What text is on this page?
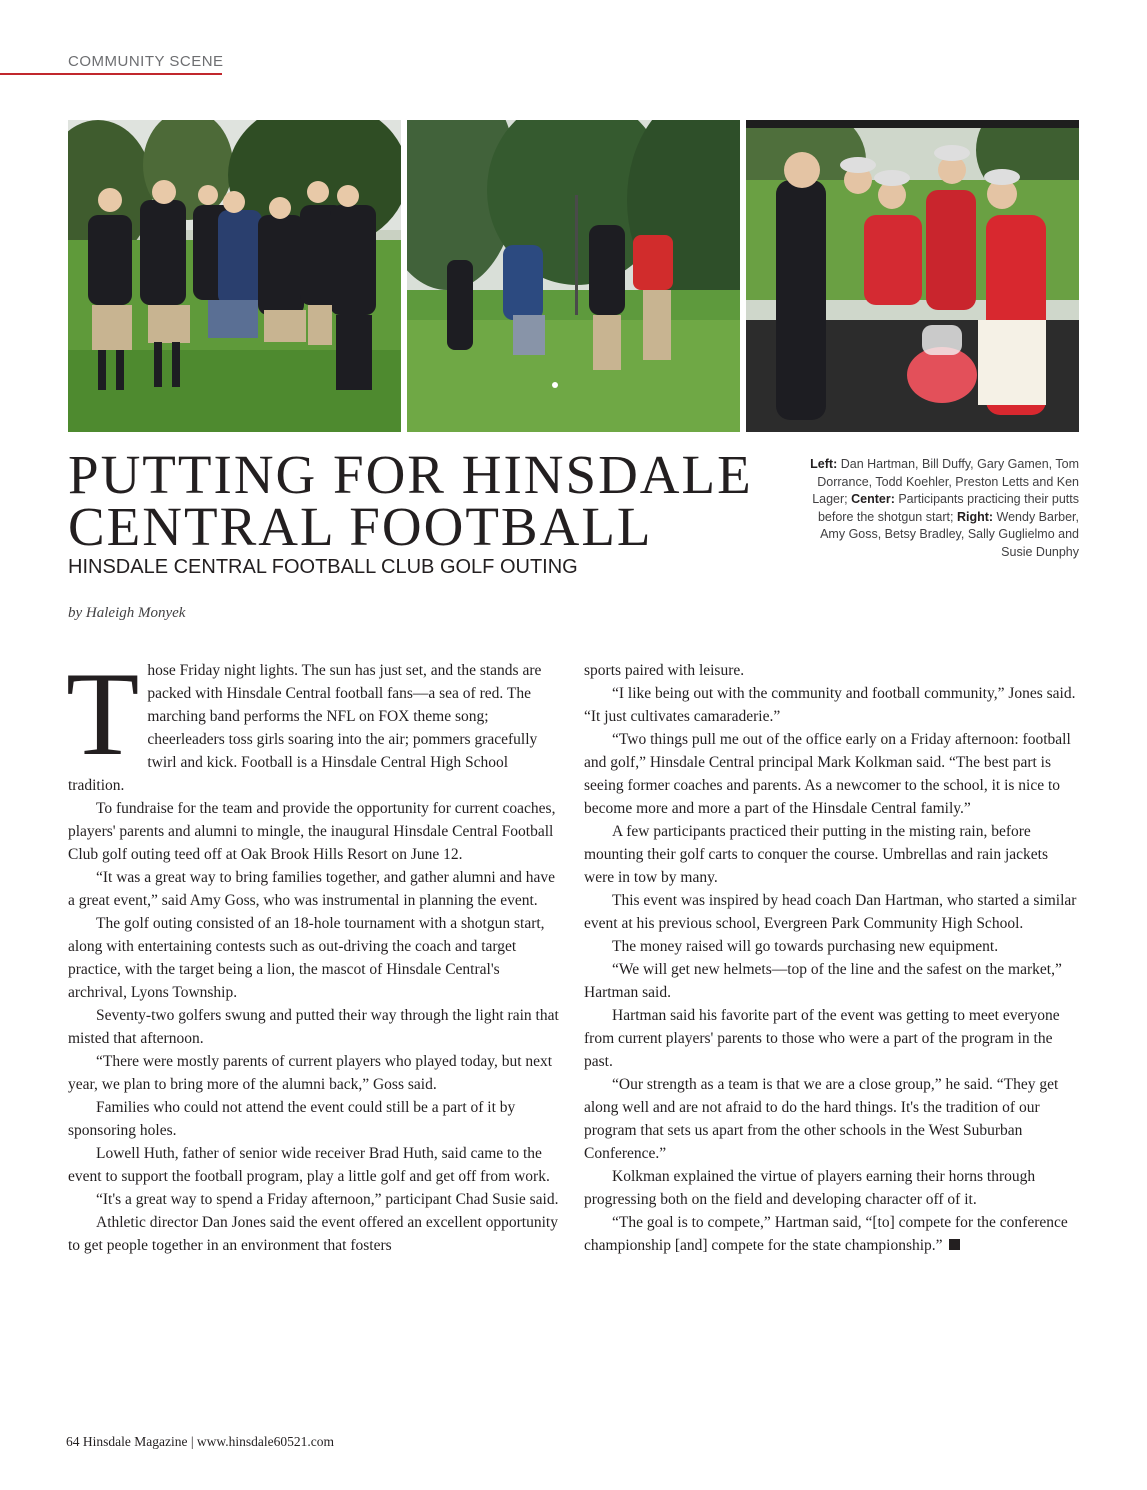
COMMUNITY SCENE
PUTTING FOR HINSDALE
CENTRAL FOOTBALL
HINSDALE CENTRAL FOOTBALL CLUB GOLF OUTING
Left: Dan Hartman, Bill Duffy, Gary Gamen, Tom Dorrance, Todd Koehler, Preston Letts and Ken Lager; Center: Participants practicing their putts before the shotgun start; Right: Wendy Barber, Amy Goss, Betsy Bradley, Sally Guglielmo and Susie Dunphy
by Haleigh Monyek

Those Friday night lights. The sun has just set, and the stands are packed with Hinsdale Central football fans—a sea of red. The marching band performs the NFL on FOX theme song; cheerleaders toss girls soaring into the air; pommers gracefully twirl and kick. Football is a Hinsdale Central High School tradition.

To fundraise for the team and provide the opportunity for current coaches, players' parents and alumni to mingle, the inaugural Hinsdale Central Football Club golf outing teed off at Oak Brook Hills Resort on June 12.

“It was a great way to bring families together, and gather alumni and have a great event,” said Amy Goss, who was instrumental in planning the event.

The golf outing consisted of an 18-hole tournament with a shotgun start, along with entertaining contests such as out-driving the coach and target practice, with the target being a lion, the mascot of Hinsdale Central's archrival, Lyons Township.

Seventy-two golfers swung and putted their way through the light rain that misted that afternoon.

“There were mostly parents of current players who played today, but next year, we plan to bring more of the alumni back,” Goss said.

Families who could not attend the event could still be a part of it by sponsoring holes.

Lowell Huth, father of senior wide receiver Brad Huth, said came to the event to support the football program, play a little golf and get off from work.

“It's a great way to spend a Friday afternoon,” participant Chad Susie said.

Athletic director Dan Jones said the event offered an excellent opportunity to get people together in an environment that fosters

sports paired with leisure.

“I like being out with the community and football community,” Jones said. “It just cultivates camaraderie.”

“Two things pull me out of the office early on a Friday afternoon: football and golf,” Hinsdale Central principal Mark Kolkman said. “The best part is seeing former coaches and parents. As a newcomer to the school, it is nice to become more and more a part of the Hinsdale Central family.”

A few participants practiced their putting in the misting rain, before mounting their golf carts to conquer the course. Umbrellas and rain jackets were in tow by many.

This event was inspired by head coach Dan Hartman, who started a similar event at his previous school, Evergreen Park Community High School.

The money raised will go towards purchasing new equipment.

“We will get new helmets—top of the line and the safest on the market,” Hartman said.

Hartman said his favorite part of the event was getting to meet everyone from current players' parents to those who were a part of the program in the past.

“Our strength as a team is that we are a close group,” he said. “They get along well and are not afraid to do the hard things. It's the tradition of our program that sets us apart from the other schools in the West Suburban Conference.”

Kolkman explained the virtue of players earning their horns through progressing both on the field and developing character off of it.

“The goal is to compete,” Hartman said, “[to] compete for the conference championship [and] compete for the state championship.”

64 Hinsdale Magazine | www.hinsdale60521.com
